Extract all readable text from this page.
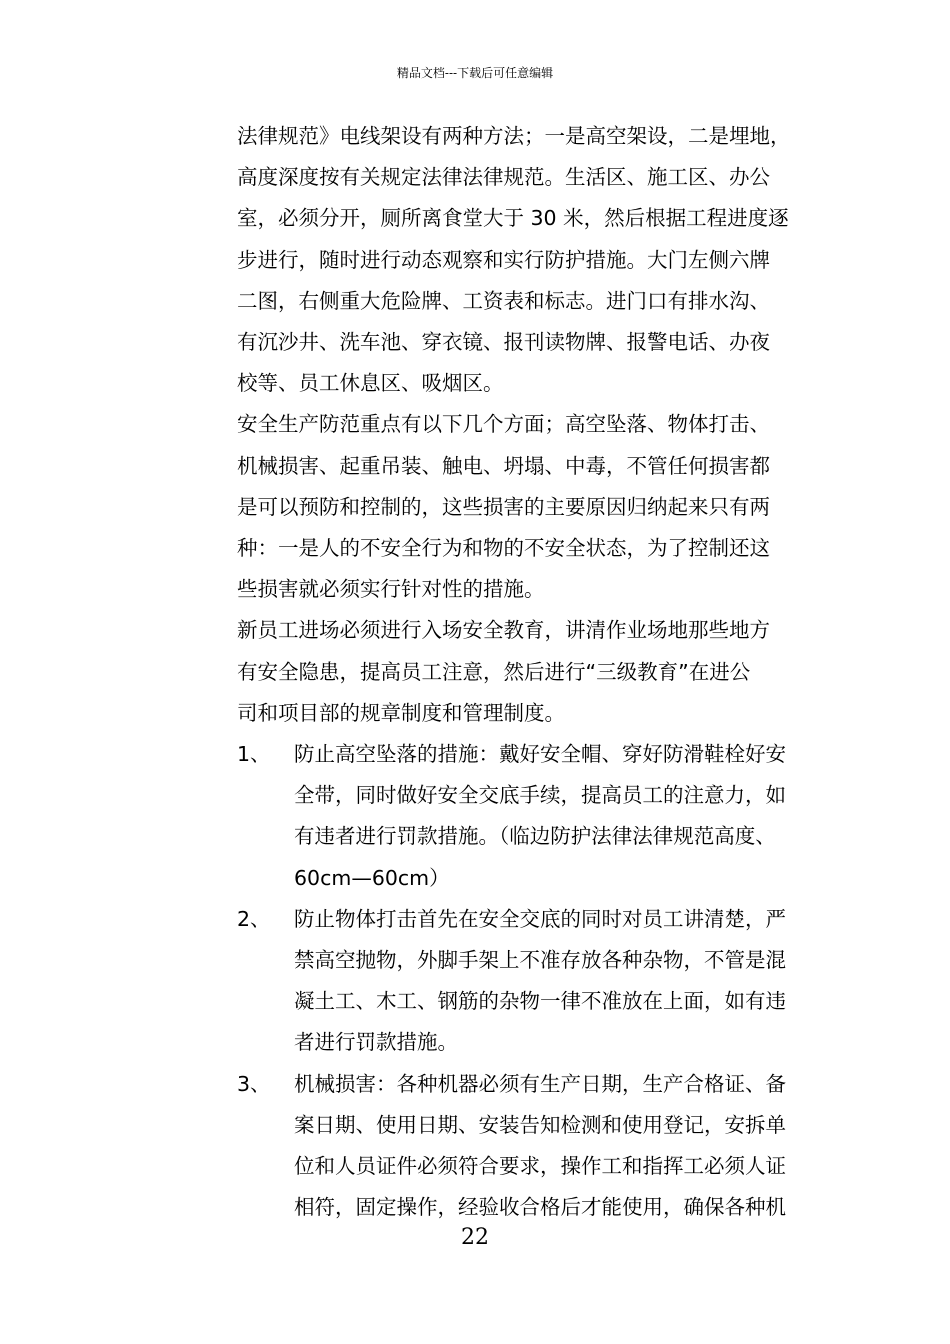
精品文档---下载后可任意编辑

法律规范》电线架设有两种方法；一是高空架设，二是埋地，
高度深度按有关规定法律法律规范。生活区、施工区、办公
室，必须分开，厕所离食堂大于 30 米，然后根据工程进度逐
步进行，随时进行动态观察和实行防护措施。大门左侧六牌
二图，右侧重大危险牌、工资表和标志。进门口有排水沟、
有沉沙井、洗车池、穿衣镜、报刊读物牌、报警电话、办夜
校等、员工休息区、吸烟区。

安全生产防范重点有以下几个方面；高空坠落、物体打击、
机械损害、起重吊装、触电、坍塌、中毒，不管任何损害都
是可以预防和控制的，这些损害的主要原因归纳起来只有两
种：一是人的不安全行为和物的不安全状态，为了控制还这
些损害就必须实行针对性的措施。

新员工进场必须进行入场安全教育，讲清作业场地那些地方
有安全隐患，提高员工注意，然后进行“三级教育”在进公
司和项目部的规章制度和管理制度。

1、 防止高空坠落的措施：戴好安全帽、穿好防滑鞋栓好安
全带，同时做好安全交底手续，提高员工的注意力，如
有违者进行罚款措施。（临边防护法律法律规范高度、
60cm—60cm）
2、 防止物体打击首先在安全交底的同时对员工讲清楚，严
禁高空抛物，外脚手架上不准存放各种杂物，不管是混
凝土工、木工、钢筋的杂物一律不准放在上面，如有违
者进行罚款措施。
3、 机械损害：各种机器必须有生产日期，生产合格证、备
案日期、使用日期、安装告知检测和使用登记，安拆单
位和人员证件必须符合要求，操作工和指挥工必须人证
相符，固定操作，经验收合格后才能使用，确保各种机
22
